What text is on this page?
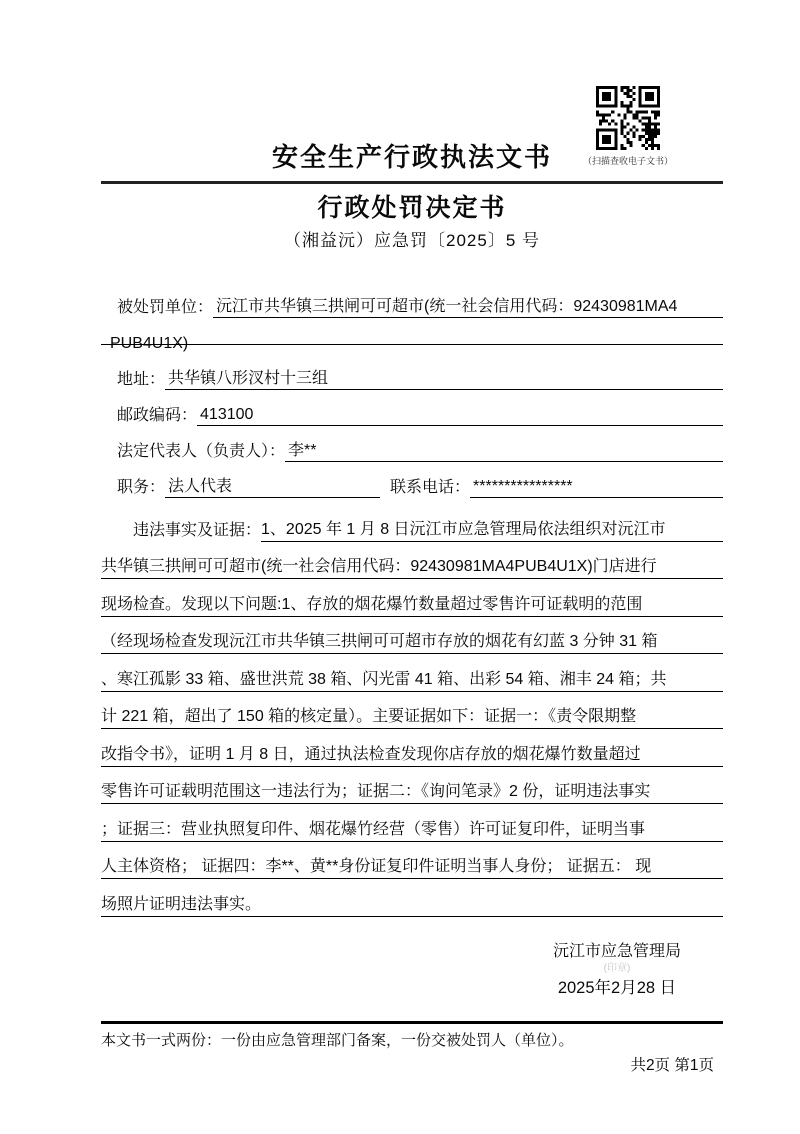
（扫描查收电子文书）
安全生产行政执法文书
行政处罚决定书
（湘益沅）应急罚〔2025〕5 号
被处罚单位： 沅江市共华镇三拱闸可可超市(统一社会信用代码：92430981MA4
PUB4U1X)
地址： 共华镇八形汊村十三组
邮政编码： 413100
法定代表人（负责人）： 李**
职务： 法人代表	联系电话： ****************
违法事实及证据： 1、2025 年 1 月 8 日沅江市应急管理局依法组织对沅江市
共华镇三拱闸可可超市(统一社会信用代码：92430981MA4PUB4U1X)门店进行
现场检查。发现以下问题:1、存放的烟花爆竹数量超过零售许可证载明的范围
（经现场检查发现沅江市共华镇三拱闸可可超市存放的烟花有幻蓝 3 分钟 31 箱
、寒江孤影 33 箱、盛世洪荒 38 箱、闪光雷 41 箱、出彩 54 箱、湘丰 24 箱；共
计 221 箱，超出了 150 箱的核定量）。主要证据如下：证据一：《责令限期整
改指令书》，证明 1 月 8 日，通过执法检查发现你店存放的烟花爆竹数量超过
零售许可证载明范围这一违法行为；证据二：《询问笔录》2 份，证明违法事实
；证据三：营业执照复印件、烟花爆竹经营（零售）许可证复印件，证明当事
人主体资格； 证据四：李**、黄**身份证复印件证明当事人身份； 证据五： 现
场照片证明违法事实。
沅江市应急管理局
(印章)
2025年2月28 日
本文书一式两份：一份由应急管理部门备案，一份交被处罚人（单位）。
共2页 第1页
